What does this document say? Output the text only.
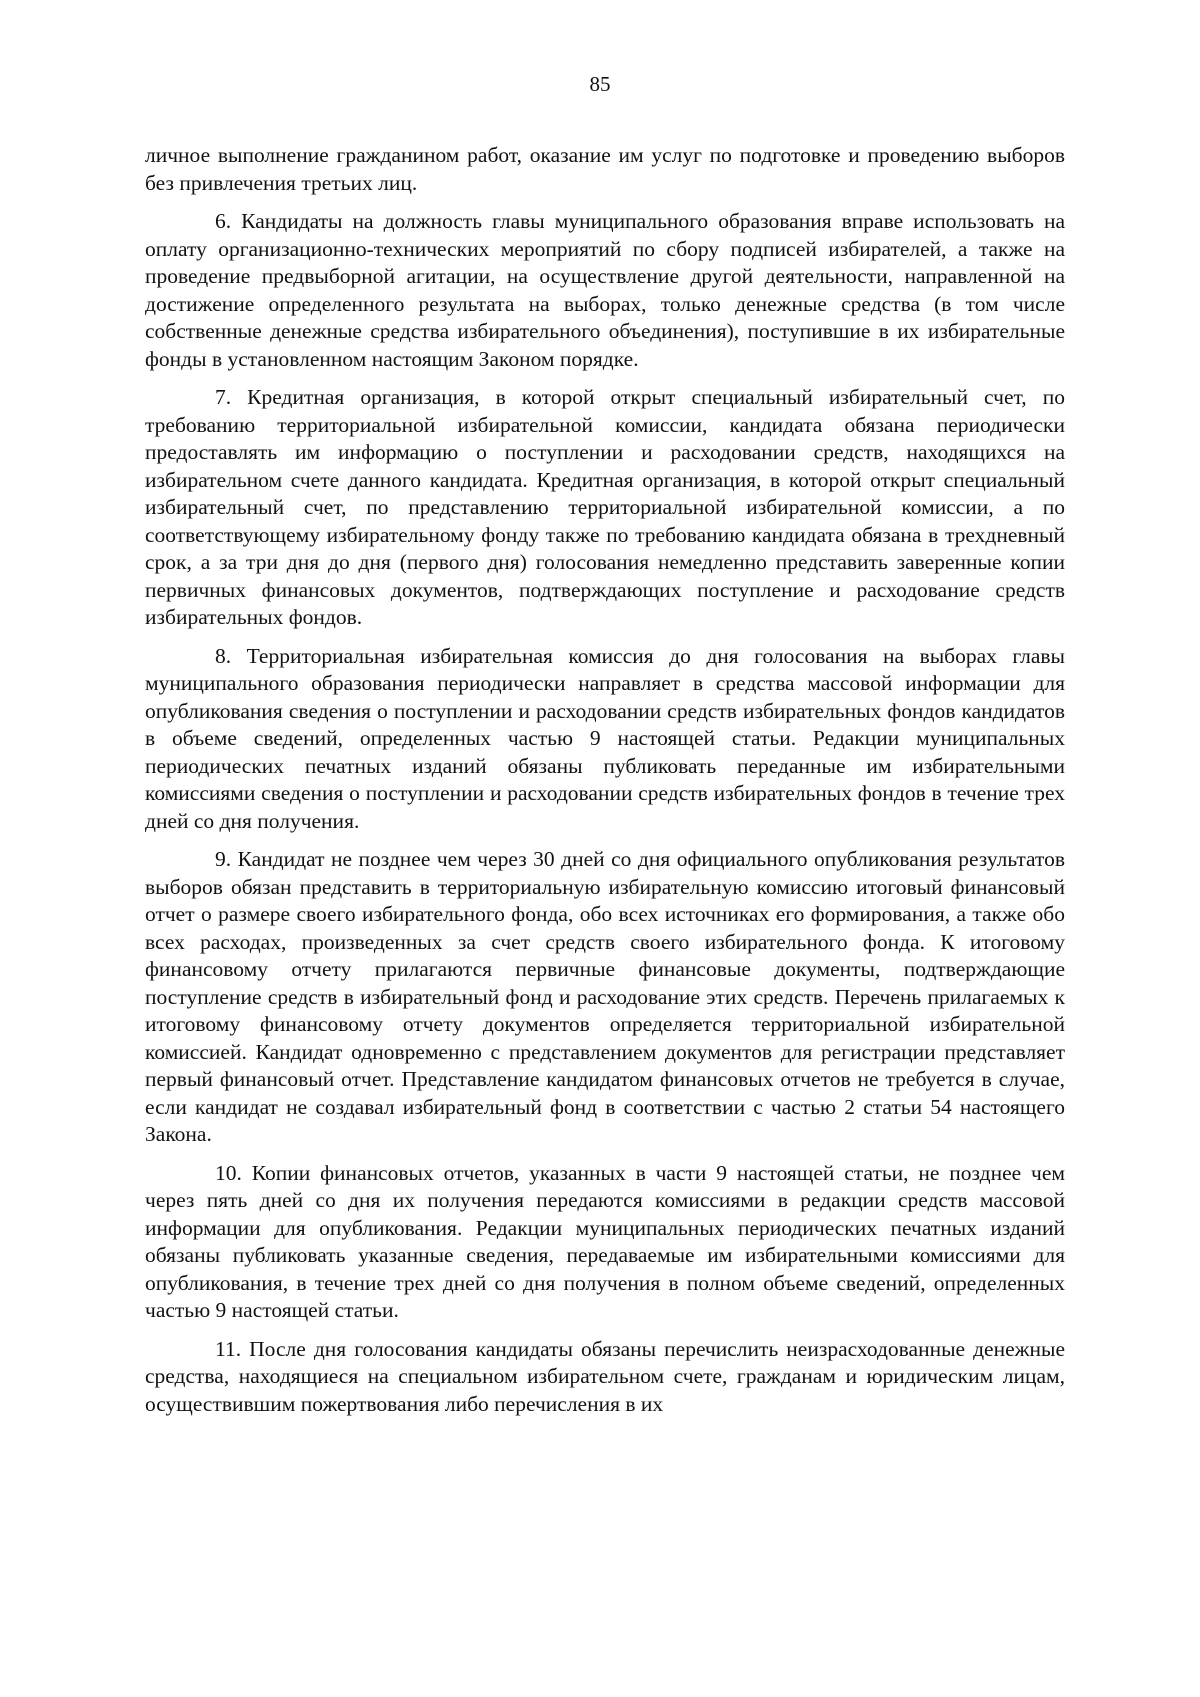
85

личное выполнение гражданином работ, оказание им услуг по подготовке и проведению выборов без привлечения третьих лиц.

6. Кандидаты на должность главы муниципального образования вправе использовать на оплату организационно-технических мероприятий по сбору подписей избирателей, а также на проведение предвыборной агитации, на осуществление другой деятельности, направленной на достижение определенного результата на выборах, только денежные средства (в том числе собственные денежные средства избирательного объединения), поступившие в их избирательные фонды в установленном настоящим Законом порядке.

7. Кредитная организация, в которой открыт специальный избирательный счет, по требованию территориальной избирательной комиссии, кандидата обязана периодически предоставлять им информацию о поступлении и расходовании средств, находящихся на избирательном счете данного кандидата. Кредитная организация, в которой открыт специальный избирательный счет, по представлению территориальной избирательной комиссии, а по соответствующему избирательному фонду также по требованию кандидата обязана в трехдневный срок, а за три дня до дня (первого дня) голосования немедленно представить заверенные копии первичных финансовых документов, подтверждающих поступление и расходование средств избирательных фондов.

8. Территориальная избирательная комиссия до дня голосования на выборах главы муниципального образования периодически направляет в средства массовой информации для опубликования сведения о поступлении и расходовании средств избирательных фондов кандидатов в объеме сведений, определенных частью 9 настоящей статьи. Редакции муниципальных периодических печатных изданий обязаны публиковать переданные им избирательными комиссиями сведения о поступлении и расходовании средств избирательных фондов в течение трех дней со дня получения.

9. Кандидат не позднее чем через 30 дней со дня официального опубликования результатов выборов обязан представить в территориальную избирательную комиссию итоговый финансовый отчет о размере своего избирательного фонда, обо всех источниках его формирования, а также обо всех расходах, произведенных за счет средств своего избирательного фонда. К итоговому финансовому отчету прилагаются первичные финансовые документы, подтверждающие поступление средств в избирательный фонд и расходование этих средств. Перечень прилагаемых к итоговому финансовому отчету документов определяется территориальной избирательной комиссией. Кандидат одновременно с представлением документов для регистрации представляет первый финансовый отчет. Представление кандидатом финансовых отчетов не требуется в случае, если кандидат не создавал избирательный фонд в соответствии с частью 2 статьи 54 настоящего Закона.

10. Копии финансовых отчетов, указанных в части 9 настоящей статьи, не позднее чем через пять дней со дня их получения передаются комиссиями в редакции средств массовой информации для опубликования. Редакции муниципальных периодических печатных изданий обязаны публиковать указанные сведения, передаваемые им избирательными комиссиями для опубликования, в течение трех дней со дня получения в полном объеме сведений, определенных частью 9 настоящей статьи.

11. После дня голосования кандидаты обязаны перечислить неизрасходованные денежные средства, находящиеся на специальном избирательном счете, гражданам и юридическим лицам, осуществившим пожертвования либо перечисления в их
